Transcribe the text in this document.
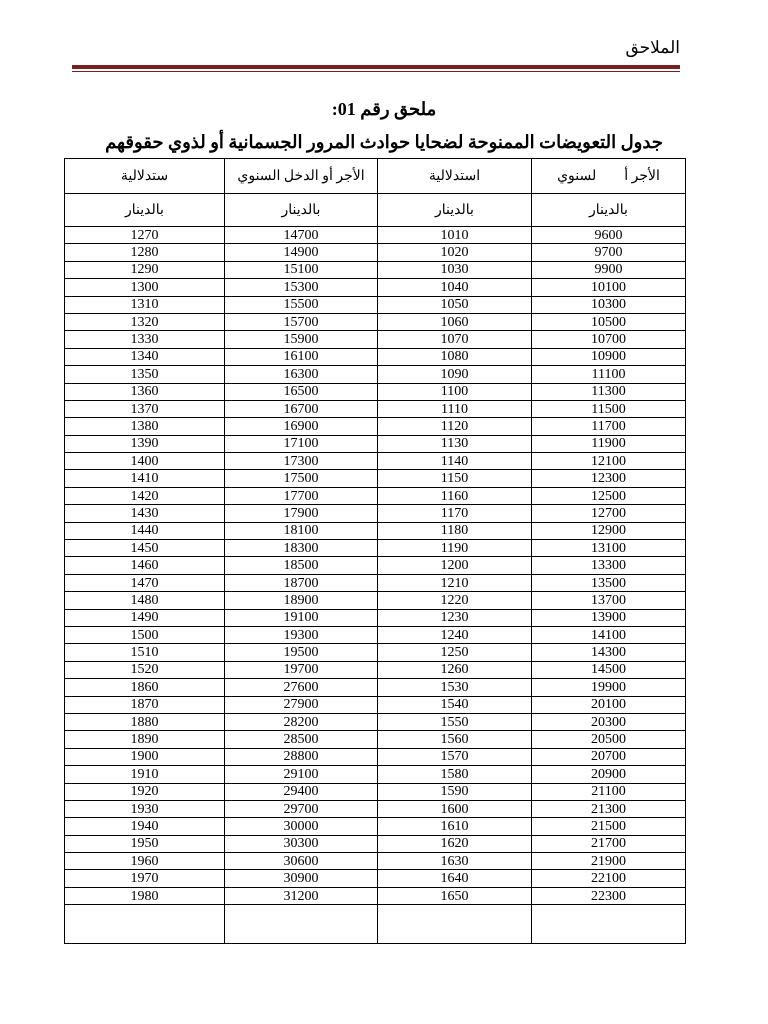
الملاحق
ملحق رقم 01:
جدول التعويضات الممنوحة لضحايا حوادث المرور الجسمانية أو لذوي حقوقهم
ستدلالية	الأجر أو الدخل السنوي	استدلالية	الأجر أ        لسنوي
بالدينار	بالدينار	بالدينار	بالدينار
1270	14700	1010	9600
1280	14900	1020	9700
1290	15100	1030	9900
1300	15300	1040	10100
1310	15500	1050	10300
1320	15700	1060	10500
1330	15900	1070	10700
1340	16100	1080	10900
1350	16300	1090	11100
1360	16500	1100	11300
1370	16700	1110	11500
1380	16900	1120	11700
1390	17100	1130	11900
1400	17300	1140	12100
1410	17500	1150	12300
1420	17700	1160	12500
1430	17900	1170	12700
1440	18100	1180	12900
1450	18300	1190	13100
1460	18500	1200	13300
1470	18700	1210	13500
1480	18900	1220	13700
1490	19100	1230	13900
1500	19300	1240	14100
1510	19500	1250	14300
1520	19700	1260	14500
1860	27600	1530	19900
1870	27900	1540	20100
1880	28200	1550	20300
1890	28500	1560	20500
1900	28800	1570	20700
1910	29100	1580	20900
1920	29400	1590	21100
1930	29700	1600	21300
1940	30000	1610	21500
1950	30300	1620	21700
1960	30600	1630	21900
1970	30900	1640	22100
1980	31200	1650	22300
